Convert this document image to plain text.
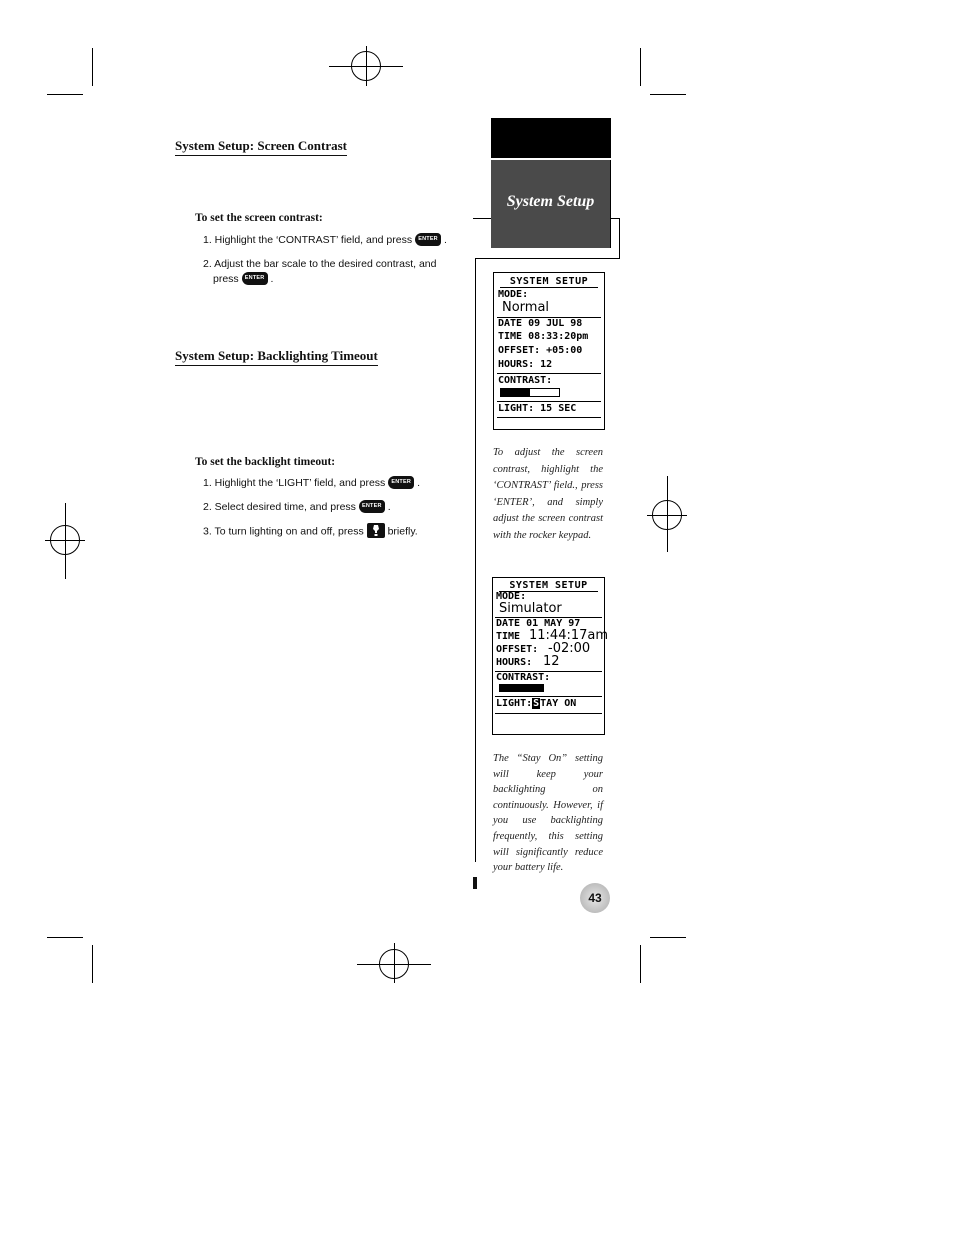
System Setup: Screen Contrast
To set the screen contrast:
1. Highlight the ‘CONTRAST’ field, and press ENTER .
2. Adjust the bar scale to the desired contrast, and
press ENTER .
System Setup: Backlighting Timeout
To set the backlight timeout:
1. Highlight the ‘LIGHT’ field, and press ENTER .
2. Select desired time, and press ENTER .
3. To turn lighting on and off, press briefly.
System Setup
SYSTEM SETUP
MODE:
Normal
DATE 09 JUL 98
TIME 08:33:20pm
OFFSET: +05:00
HOURS: 12
CONTRAST:
LIGHT: 15 SEC
To adjust the screen contrast, highlight the ‘CONTRAST’ field., press ‘ENTER’, and simply adjust the screen contrast with the rocker keypad.
SYSTEM SETUP
MODE:
Simulator
DATE 01 MAY 97
TIME 11:44:17am
OFFSET: -02:00
HOURS: 12
CONTRAST:
LIGHT:STAY ON
The “Stay On” setting will keep your backlighting on continuously. However, if you use backlighting frequently, this setting will significantly reduce your battery life.
43
